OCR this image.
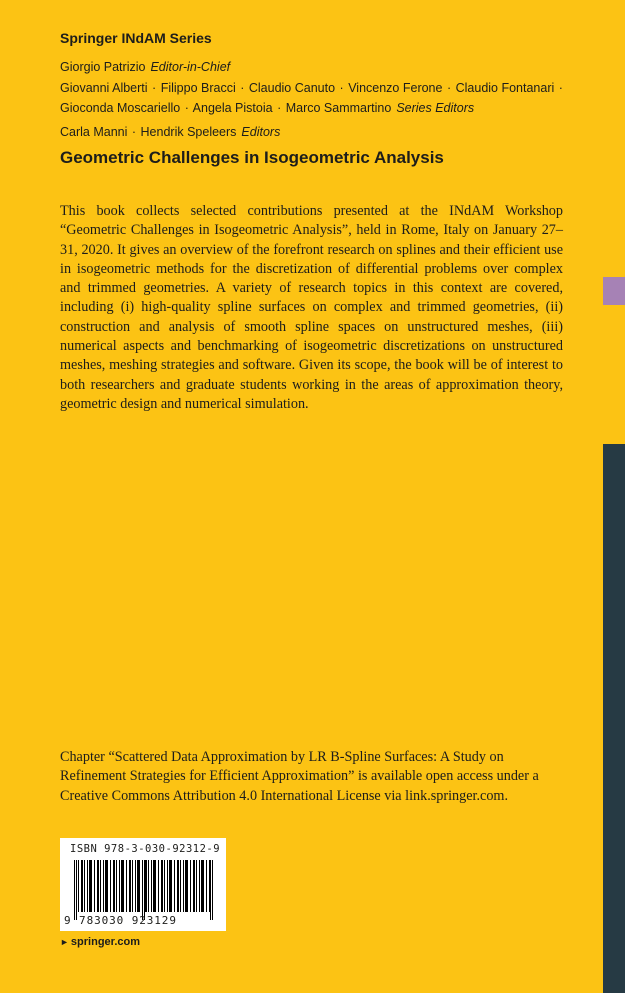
Springer INdAM Series
Giorgio Patrizio Editor-in-Chief
Giovanni Alberti · Filippo Bracci · Claudio Canuto · Vincenzo Ferone · Claudio Fontanari ·
Gioconda Moscariello · Angela Pistoia · Marco Sammartino Series Editors
Carla Manni · Hendrik Speleers Editors
Geometric Challenges in Isogeometric Analysis

This book collects selected contributions presented at the INdAM Workshop “Geometric Challenges in Isogeometric Analysis”, held in Rome, Italy on January 27–31, 2020. It gives an overview of the forefront research on splines and their efficient use in isogeometric methods for the discretization of differential problems over complex and trimmed geometries. A variety of research topics in this context are covered, including (i) high-quality spline surfaces on complex and trimmed geometries, (ii) construction and analysis of smooth spline spaces on unstructured meshes, (iii) numerical aspects and benchmarking of isogeometric discretizations on unstructured meshes, meshing strategies and software. Given its scope, the book will be of interest to both researchers and graduate students working in the areas of approximation theory, geometric design and numerical simulation.

Chapter “Scattered Data Approximation by LR B-Spline Surfaces: A Study on Refinement Strategies for Efficient Approximation” is available open access under a Creative Commons Attribution 4.0 International License via link.springer.com.

ISBN 978-3-030-92312-9
9 783030 923129
► springer.com
